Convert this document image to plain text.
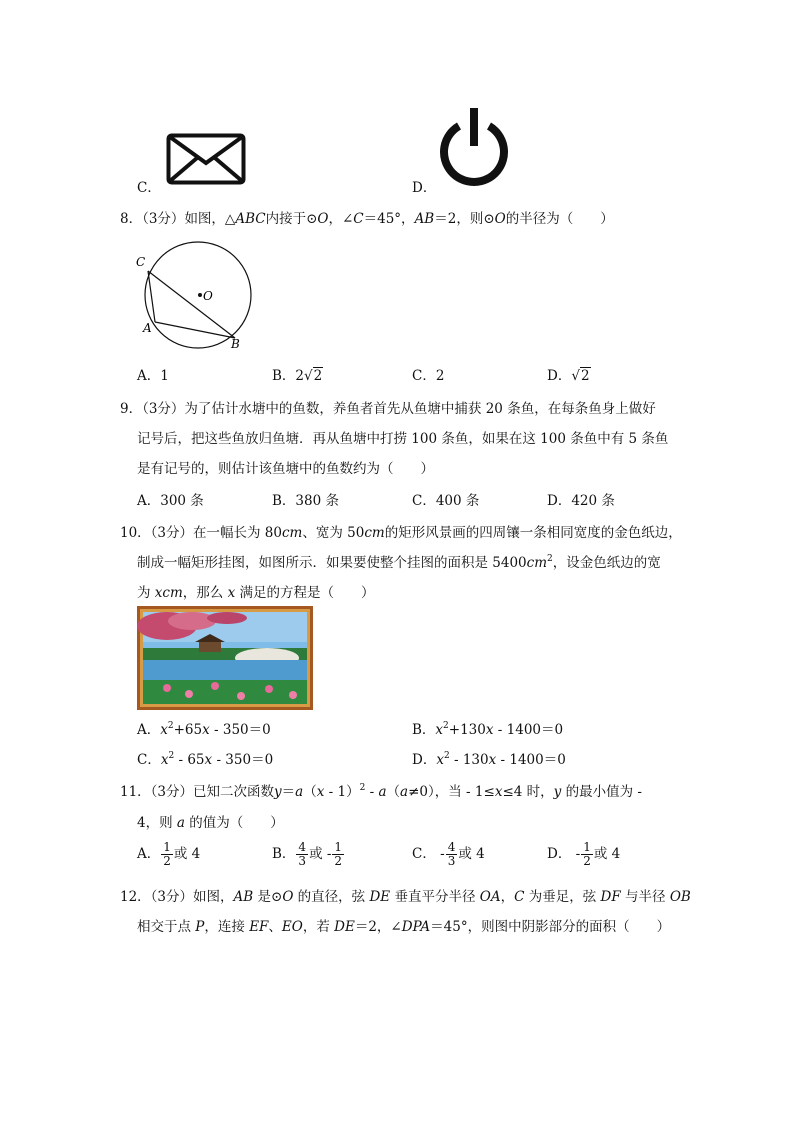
C．	D．
8．（3分）如图，△ABC内接于⊙O，∠C＝45°，AB＝2，则⊙O的半径为（　　）
C
O
A
B
A．1	B．2√2	C．2	D．√2
9．（3分）为了估计水塘中的鱼数，养鱼者首先从鱼塘中捕获 20 条鱼，在每条鱼身上做好
记号后，把这些鱼放归鱼塘．再从鱼塘中打捞 100 条鱼，如果在这 100 条鱼中有 5 条鱼
是有记号的，则估计该鱼塘中的鱼数约为（　　）
A．300 条	B．380 条	C．400 条	D．420 条
10．（3分）在一幅长为 80cm、宽为 50cm的矩形风景画的四周镶一条相同宽度的金色纸边，
制成一幅矩形挂图，如图所示．如果要使整个挂图的面积是 $5400cm^2$，设金色纸边的宽
为 xcm，那么 x 满足的方程是（　　）
A．$x^2+65x - 350=0$	B．$x^2+130x - 1400=0$
C．$x^2 - 65x - 350=0$	D．$x^2 - 130x - 1400=0$
11．（3分）已知二次函数y＝a（x - 1）$^2$ - a（a≠0），当 - 1≤x≤4 时，y 的最小值为 -
4，则 a 的值为（　　）
A． $\frac{1}{2}$ 或 4	B． $\frac{4}{3}$ 或 - $\frac{1}{2}$	C． - $\frac{4}{3}$ 或 4	D． - $\frac{1}{2}$ 或 4
12．（3分）如图，AB 是⊙O 的直径，弦 DE 垂直平分半径 OA，C 为垂足，弦 DF 与半径 OB
相交于点 P，连接 EF、EO，若 DE＝2，∠DPA＝45°，则图中阴影部分的面积（　　）
